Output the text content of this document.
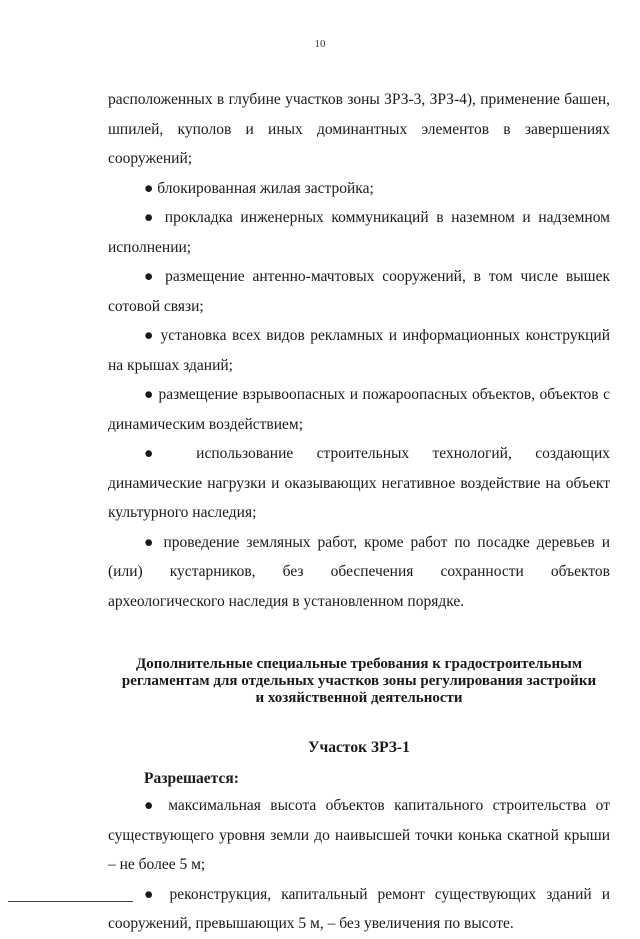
10

расположенных в глубине участков зоны ЗРЗ-3, ЗРЗ-4), применение башен, шпилей, куполов и иных доминантных элементов в завершениях сооружений;

● блокированная жилая застройка;

● прокладка инженерных коммуникаций в наземном и надземном исполнении;

● размещение антенно-мачтовых сооружений, в том числе вышек сотовой связи;

● установка всех видов рекламных и информационных конструкций на крышах зданий;

● размещение взрывоопасных и пожароопасных объектов, объектов с динамическим воздействием;

● использование строительных технологий, создающих динамические нагрузки и оказывающих негативное воздействие на объект культурного наследия;

● проведение земляных работ, кроме работ по посадке деревьев и (или) кустарников, без обеспечения сохранности объектов археологического наследия в установленном порядке.

Дополнительные специальные требования к градостроительным
регламентам для отдельных участков зоны регулирования застройки
и хозяйственной деятельности
Участок ЗРЗ-1
Разрешается:

● максимальная высота объектов капитального строительства от существующего уровня земли до наивысшей точки конька скатной крыши – не более 5 м;

● реконструкция, капитальный ремонт существующих зданий и сооружений, превышающих 5 м, – без увеличения по высоте.
